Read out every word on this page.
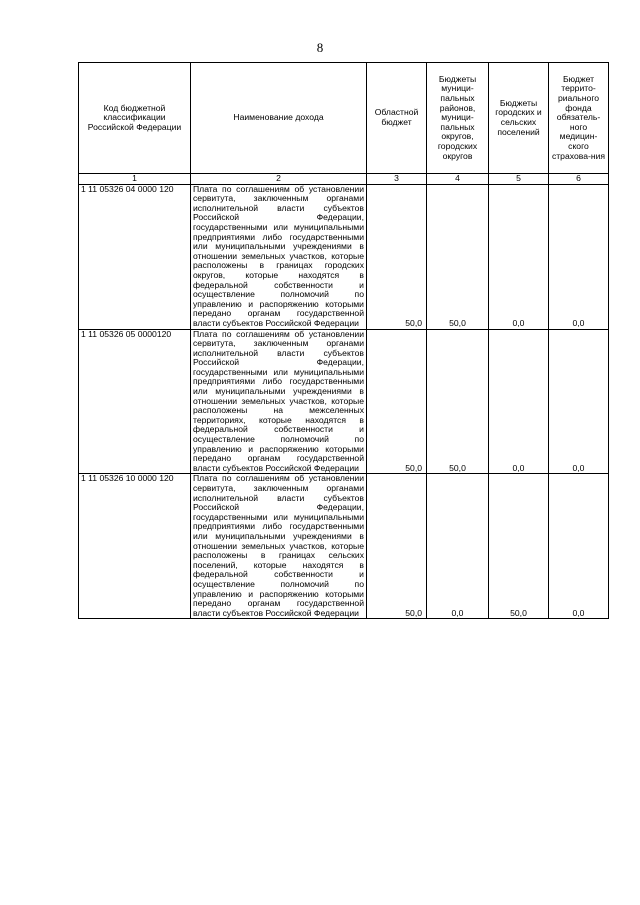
8
Код бюджетной классификации Российской Федерации	Наименование дохода	Областной бюджет	Бюджеты муници-пальных районов, муници-пальных округов, городских округов	Бюджеты городских и сельских поселений	Бюджет террито-риального фонда обязатель-ного медицин-ского страхова-ния
1	2	3	4	5	6
1 11 05326 04 0000 120	Плата по соглашениям об установлении сервитута, заключенным органами исполнительной власти субъектов Российской Федерации, государственными или муниципальными предприятиями либо государственными или муниципальными учреждениями в отношении земельных участков, которые расположены в границах городских округов, которые находятся в федеральной собственности и осуществление полномочий по управлению и распоряжению которыми передано органам государственной власти субъектов Российской Федерации	50,0	50,0	0,0	0,0
1 11 05326 05 0000120	Плата по соглашениям об установлении сервитута, заключенным органами исполнительной власти субъектов Российской Федерации, государственными или муниципальными предприятиями либо государственными или муниципальными учреждениями в отношении земельных участков, которые расположены на межселенных территориях, которые находятся в федеральной собственности и осуществление полномочий по управлению и распоряжению которыми передано органам государственной власти субъектов Российской Федерации	50,0	50,0	0,0	0,0
1 11 05326 10 0000 120	Плата по соглашениям об установлении сервитута, заключенным органами исполнительной власти субъектов Российской Федерации, государственными или муниципальными предприятиями либо государственными или муниципальными учреждениями в отношении земельных участков, которые расположены в границах сельских поселений, которые находятся в федеральной собственности и осуществление полномочий по управлению и распоряжению которыми передано органам государственной власти субъектов Российской Федерации	50,0	0,0	50,0	0,0
